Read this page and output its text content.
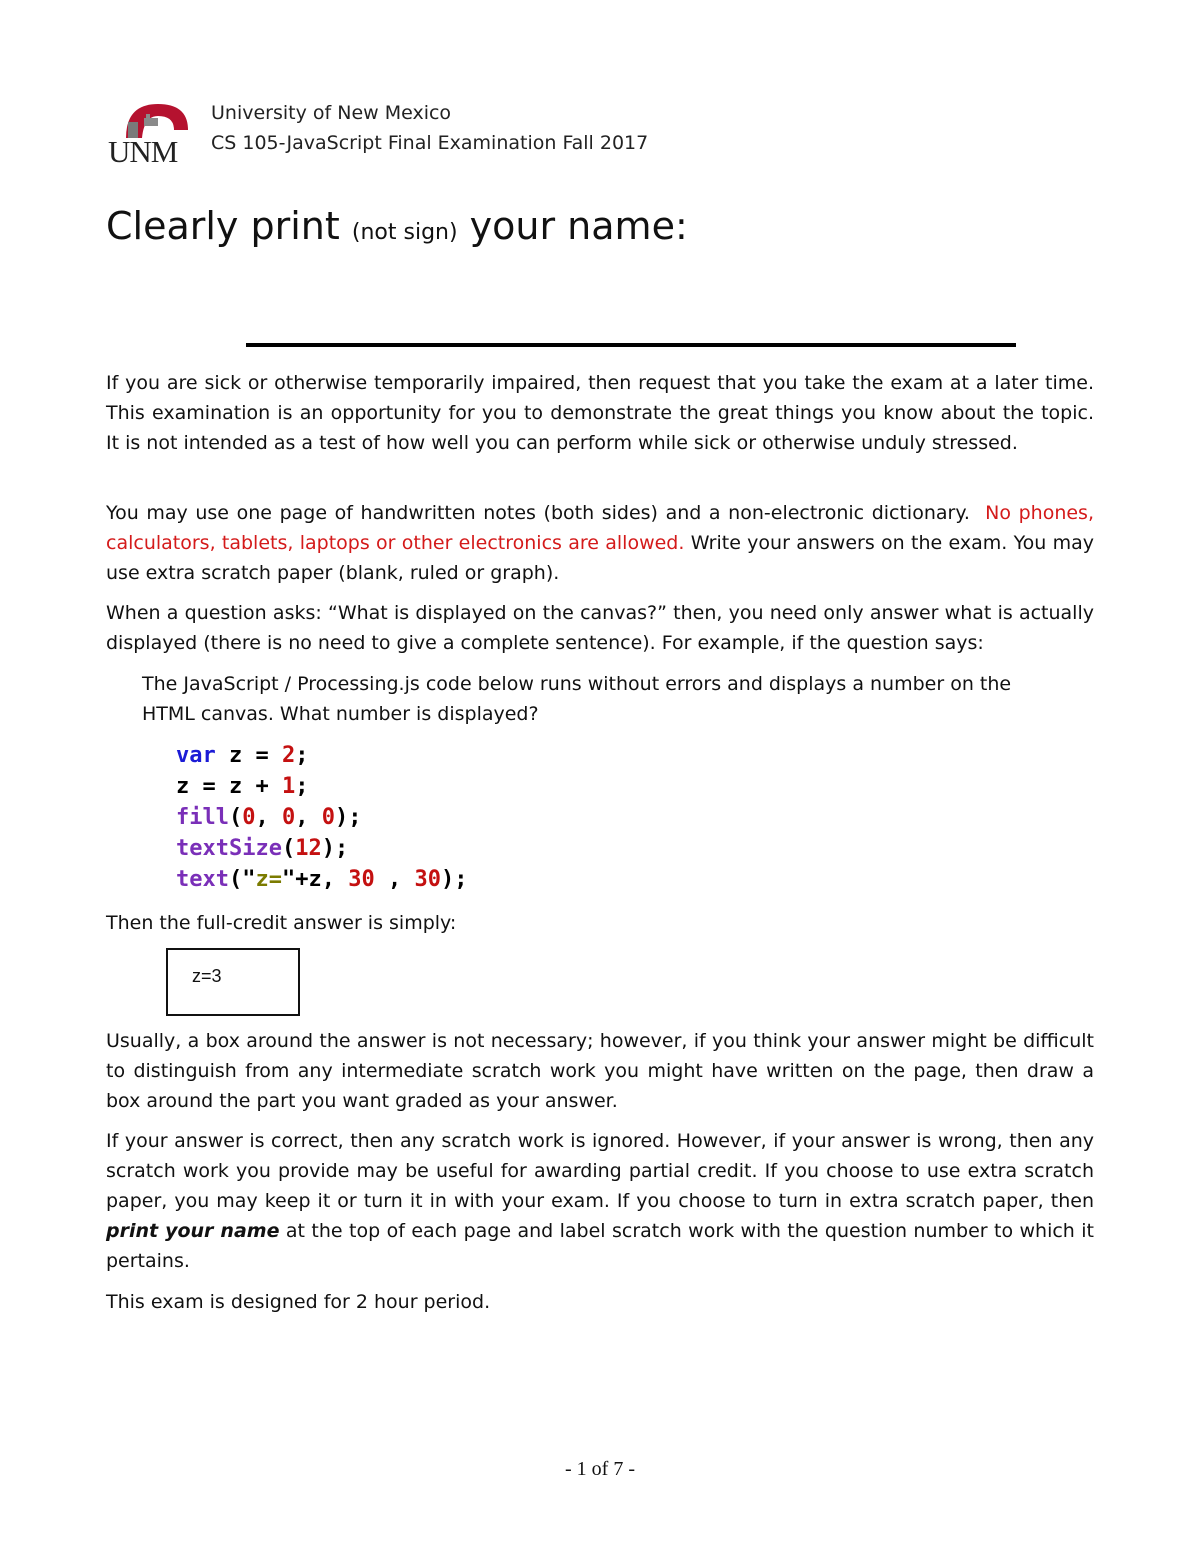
UNM
University of New Mexico
CS 105-JavaScript Final Examination Fall 2017
Clearly print (not sign) your name:
If you are sick or otherwise temporarily impaired, then request that you take the exam at a later time. This examination is an opportunity for you to demonstrate the great things you know about the topic. It is not intended as a test of how well you can perform while sick or otherwise unduly stressed.
You may use one page of handwritten notes (both sides) and a non-electronic dictionary. No phones, calculators, tablets, laptops or other electronics are allowed. Write your answers on the exam. You may use extra scratch paper (blank, ruled or graph).
When a question asks: “What is displayed on the canvas?” then, you need only answer what is actually displayed (there is no need to give a complete sentence). For example, if the question says:
The JavaScript / Processing.js code below runs without errors and displays a number on the HTML canvas. What number is displayed?
var z = 2;
z = z + 1;
fill(0, 0, 0);
textSize(12);
text("z="+z, 30 , 30);
Then the full-credit answer is simply:
z=3
Usually, a box around the answer is not necessary; however, if you think your answer might be difficult to distinguish from any intermediate scratch work you might have written on the page, then draw a box around the part you want graded as your answer.
If your answer is correct, then any scratch work is ignored. However, if your answer is wrong, then any scratch work you provide may be useful for awarding partial credit. If you choose to use extra scratch paper, you may keep it or turn it in with your exam. If you choose to turn in extra scratch paper, then print your name at the top of each page and label scratch work with the question number to which it pertains.
This exam is designed for 2 hour period.
- 1 of 7 -
